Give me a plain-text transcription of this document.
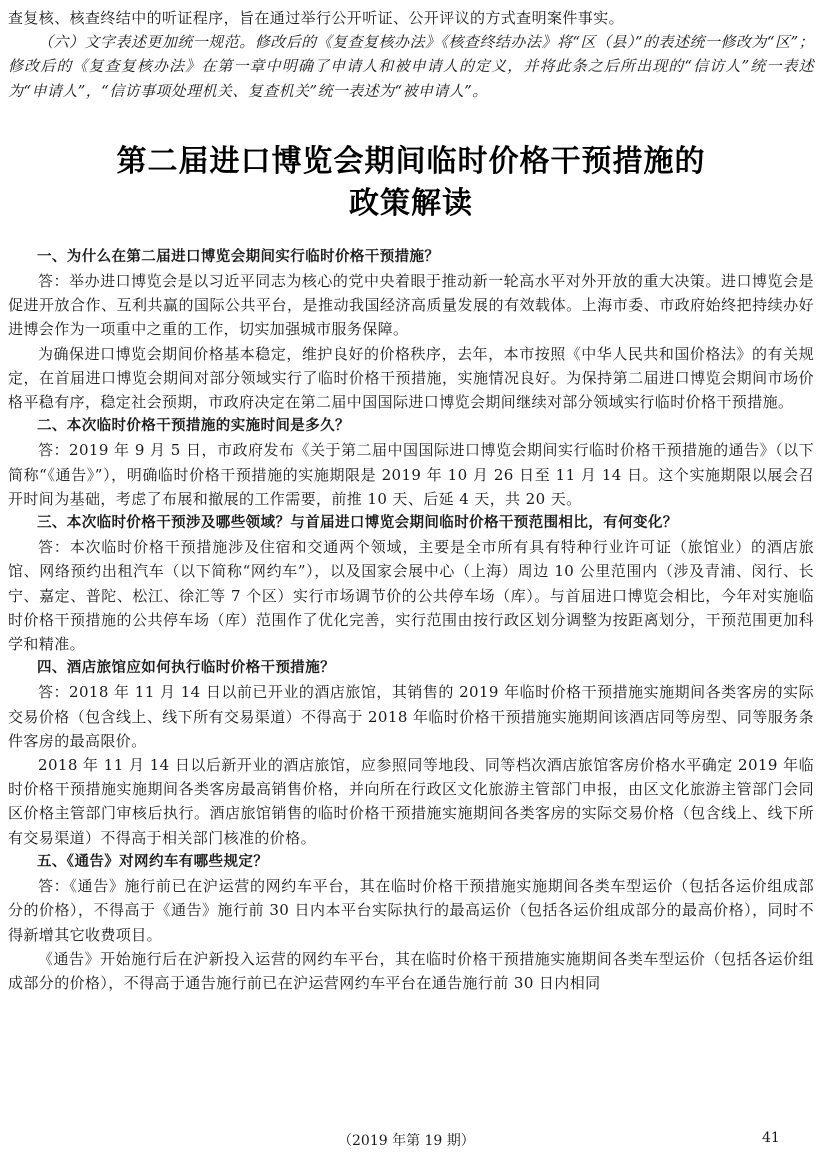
查复核、核查终结中的听证程序，旨在通过举行公开听证、公开评议的方式查明案件事实。

（六）文字表述更加统一规范。修改后的《复查复核办法》《核查终结办法》将“区（县）”的表述统一修改为“区”；修改后的《复查复核办法》在第一章中明确了申请人和被申请人的定义，并将此条之后所出现的“信访人”统一表述为“申请人”，“信访事项处理机关、复查机关”统一表述为“被申请人”。

第二届进口博览会期间临时价格干预措施的
政策解读

一、为什么在第二届进口博览会期间实行临时价格干预措施？

答：举办进口博览会是以习近平同志为核心的党中央着眼于推动新一轮高水平对外开放的重大决策。进口博览会是促进开放合作、互利共赢的国际公共平台，是推动我国经济高质量发展的有效载体。上海市委、市政府始终把持续办好进博会作为一项重中之重的工作，切实加强城市服务保障。

为确保进口博览会期间价格基本稳定，维护良好的价格秩序，去年，本市按照《中华人民共和国价格法》的有关规定，在首届进口博览会期间对部分领域实行了临时价格干预措施，实施情况良好。为保持第二届进口博览会期间市场价格平稳有序，稳定社会预期，市政府决定在第二届中国国际进口博览会期间继续对部分领域实行临时价格干预措施。

二、本次临时价格干预措施的实施时间是多久？

答：2019 年 9 月 5 日，市政府发布《关于第二届中国国际进口博览会期间实行临时价格干预措施的通告》（以下简称“《通告》”），明确临时价格干预措施的实施期限是 2019 年 10 月 26 日至 11 月 14 日。这个实施期限以展会召开时间为基础，考虑了布展和撤展的工作需要，前推 10 天、后延 4 天，共 20 天。

三、本次临时价格干预涉及哪些领域？与首届进口博览会期间临时价格干预范围相比，有何变化？

答：本次临时价格干预措施涉及住宿和交通两个领域，主要是全市所有具有特种行业许可证（旅馆业）的酒店旅馆、网络预约出租汽车（以下简称“网约车”），以及国家会展中心（上海）周边 10 公里范围内（涉及青浦、闵行、长宁、嘉定、普陀、松江、徐汇等 7 个区）实行市场调节价的公共停车场（库）。与首届进口博览会相比，今年对实施临时价格干预措施的公共停车场（库）范围作了优化完善，实行范围由按行政区划分调整为按距离划分，干预范围更加科学和精准。

四、酒店旅馆应如何执行临时价格干预措施？

答：2018 年 11 月 14 日以前已开业的酒店旅馆，其销售的 2019 年临时价格干预措施实施期间各类客房的实际交易价格（包含线上、线下所有交易渠道）不得高于 2018 年临时价格干预措施实施期间该酒店同等房型、同等服务条件客房的最高限价。

2018 年 11 月 14 日以后新开业的酒店旅馆，应参照同等地段、同等档次酒店旅馆客房价格水平确定 2019 年临时价格干预措施实施期间各类客房最高销售价格，并向所在行政区文化旅游主管部门申报，由区文化旅游主管部门会同区价格主管部门审核后执行。酒店旅馆销售的临时价格干预措施实施期间各类客房的实际交易价格（包含线上、线下所有交易渠道）不得高于相关部门核准的价格。

五、《通告》对网约车有哪些规定？

答：《通告》施行前已在沪运营的网约车平台，其在临时价格干预措施实施期间各类车型运价（包括各运价组成部分的价格），不得高于《通告》施行前 30 日内本平台实际执行的最高运价（包括各运价组成部分的最高价格），同时不得新增其它收费项目。

《通告》开始施行后在沪新投入运营的网约车平台，其在临时价格干预措施实施期间各类车型运价（包括各运价组成部分的价格），不得高于通告施行前已在沪运营网约车平台在通告施行前 30 日内相同

（2019 年第 19 期）	41
